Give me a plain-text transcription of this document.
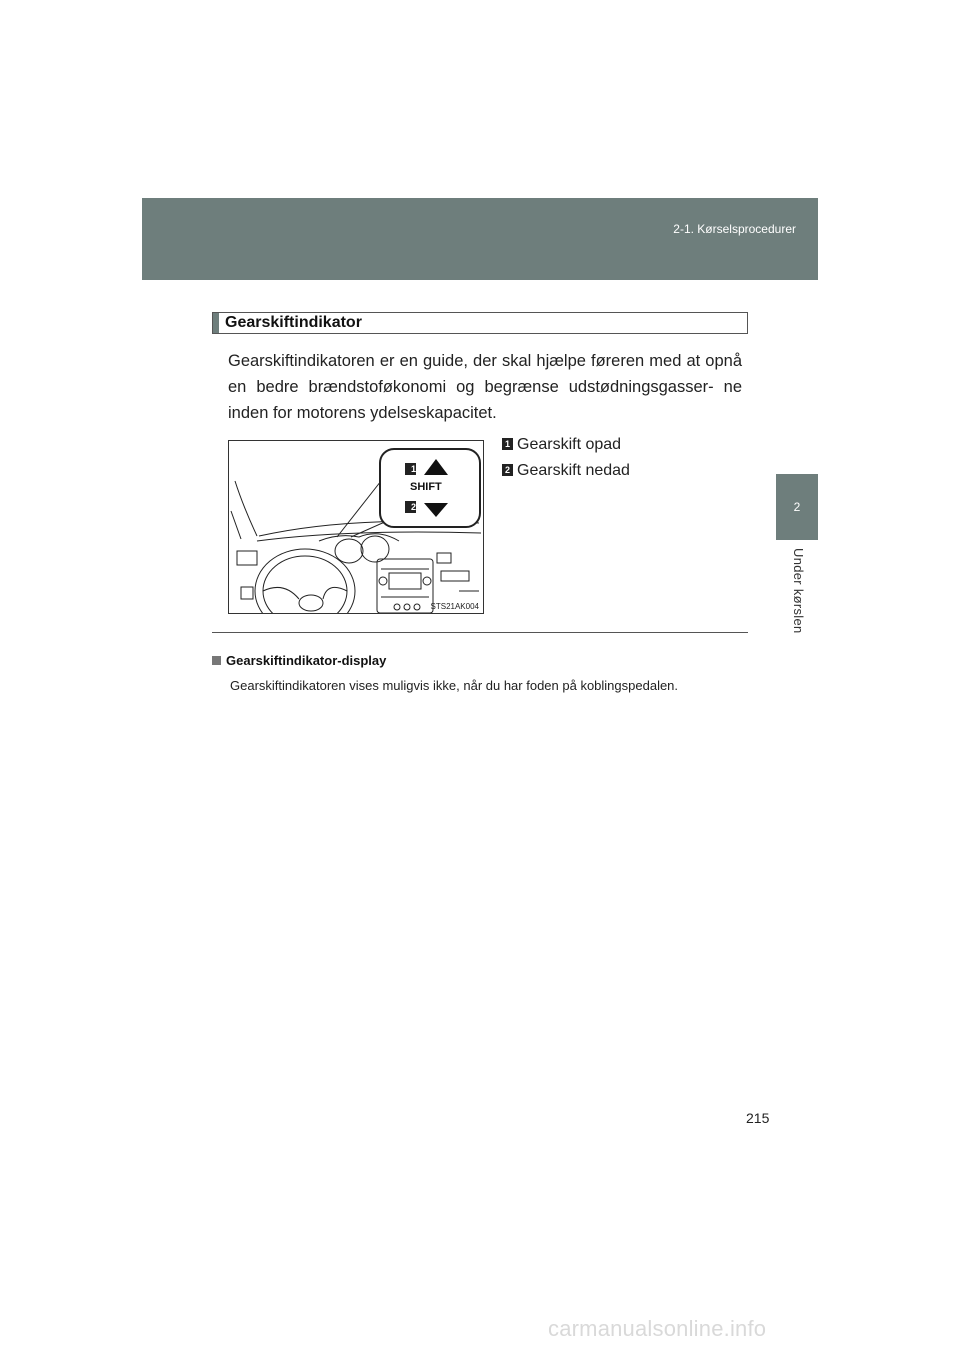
2-1. Kørselsprocedurer
2
Under kørslen
Gearskiftindikator
Gearskiftindikatoren er en guide, der skal hjælpe føreren med at opnå en bedre brændstoføkonomi og begrænse udstødningsgasser- ne inden for motorens ydelseskapacitet.
1
2
SHIFT
STS21AK004
1 Gearskift opad
2 Gearskift nedad
Gearskiftindikator-display
Gearskiftindikatoren vises muligvis ikke, når du har foden på koblingspedalen.
215
carmanualsonline.info
